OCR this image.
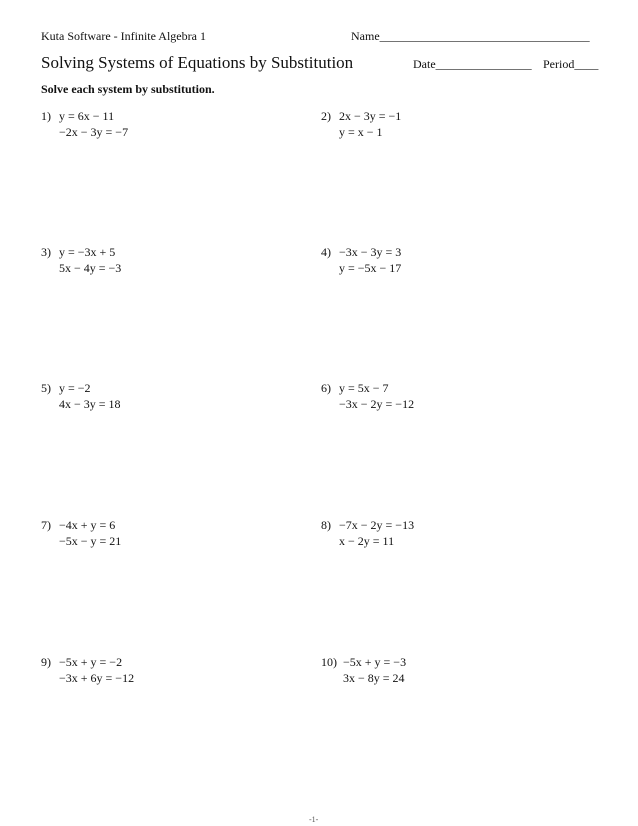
Kuta Software - Infinite Algebra 1	Name___________________________________
Solving Systems of Equations by Substitution	Date________________ Period____
Solve each system by substitution.
1) y = 6x − 11
−2x − 3y = −7
2) 2x − 3y = −1
y = x − 1
3) y = −3x + 5
5x − 4y = −3
4) −3x − 3y = 3
y = −5x − 17
5) y = −2
4x − 3y = 18
6) y = 5x − 7
−3x − 2y = −12
7) −4x + y = 6
−5x − y = 21
8) −7x − 2y = −13
x − 2y = 11
9) −5x + y = −2
−3x + 6y = −12
10) −5x + y = −3
3x − 8y = 24
-1-
